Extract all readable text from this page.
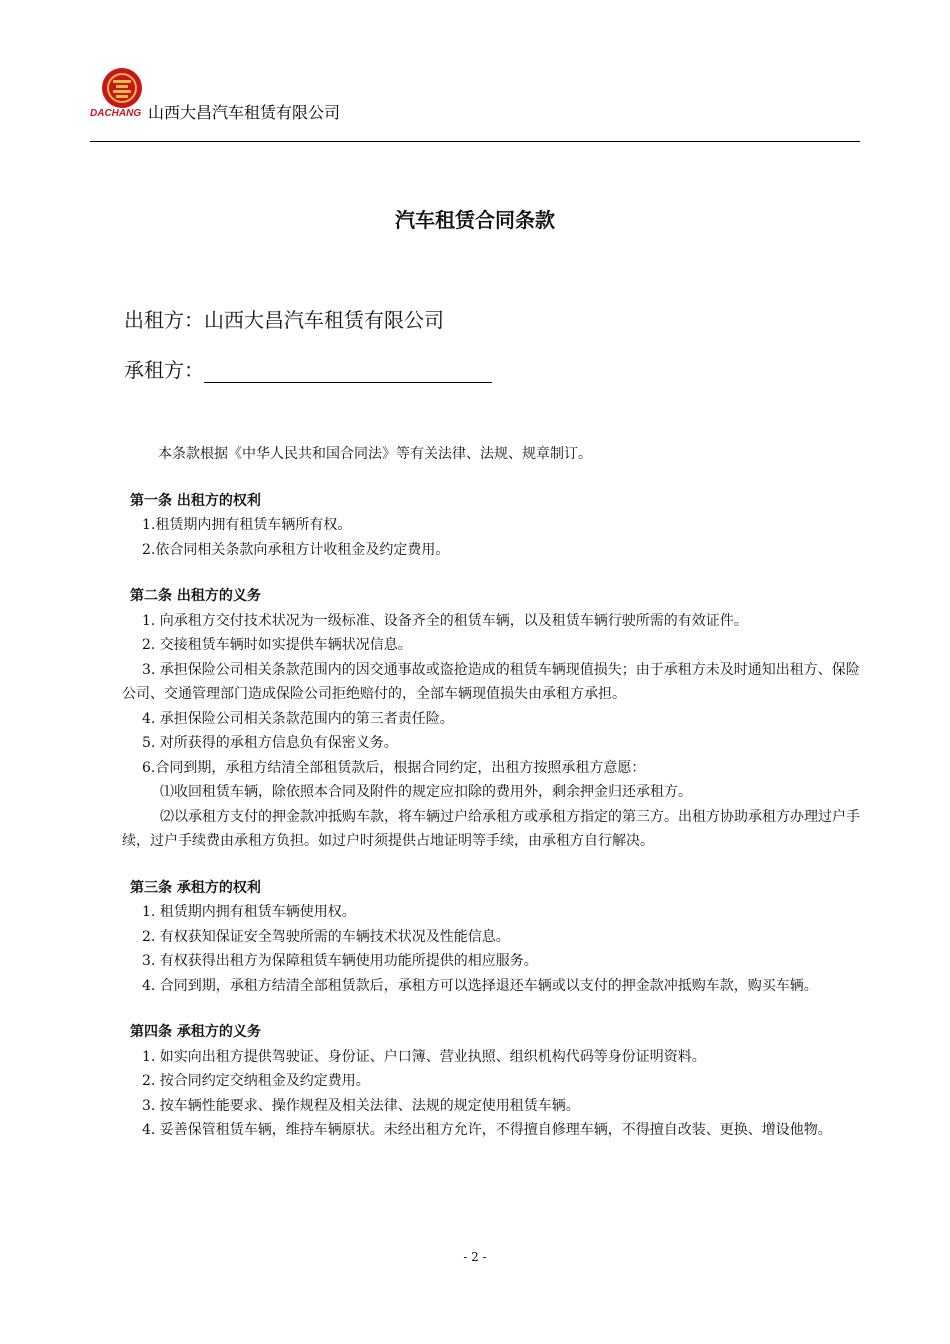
DACHANG 山西大昌汽车租赁有限公司
汽车租赁合同条款
出租方：山西大昌汽车租赁有限公司
承租方：

本条款根据《中华人民共和国合同法》等有关法律、法规、规章制订。

第一条 出租方的权利

1.租赁期内拥有租赁车辆所有权。

2.依合同相关条款向承租方计收租金及约定费用。

第二条 出租方的义务

1. 向承租方交付技术状况为一级标准、设备齐全的租赁车辆，以及租赁车辆行驶所需的有效证件。

2. 交接租赁车辆时如实提供车辆状况信息。

3. 承担保险公司相关条款范围内的因交通事故或盗抢造成的租赁车辆现值损失；由于承租方未及时通知出租方、保险公司、交通管理部门造成保险公司拒绝赔付的，全部车辆现值损失由承租方承担。

4. 承担保险公司相关条款范围内的第三者责任险。

5. 对所获得的承租方信息负有保密义务。

6.合同到期，承租方结清全部租赁款后，根据合同约定，出租方按照承租方意愿：

⑴收回租赁车辆，除依照本合同及附件的规定应扣除的费用外，剩余押金归还承租方。

⑵以承租方支付的押金款冲抵购车款，将车辆过户给承租方或承租方指定的第三方。出租方协助承租方办理过户手续，过户手续费由承租方负担。如过户时须提供占地证明等手续，由承租方自行解决。

第三条 承租方的权利

1. 租赁期内拥有租赁车辆使用权。

2. 有权获知保证安全驾驶所需的车辆技术状况及性能信息。

3. 有权获得出租方为保障租赁车辆使用功能所提供的相应服务。

4. 合同到期，承租方结清全部租赁款后，承租方可以选择退还车辆或以支付的押金款冲抵购车款，购买车辆。

第四条 承租方的义务

1. 如实向出租方提供驾驶证、身份证、户口簿、营业执照、组织机构代码等身份证明资料。

2. 按合同约定交纳租金及约定费用。

3. 按车辆性能要求、操作规程及相关法律、法规的规定使用租赁车辆。

4. 妥善保管租赁车辆，维持车辆原状。未经出租方允许，不得擅自修理车辆，不得擅自改装、更换、增设他物。

- 2 -
